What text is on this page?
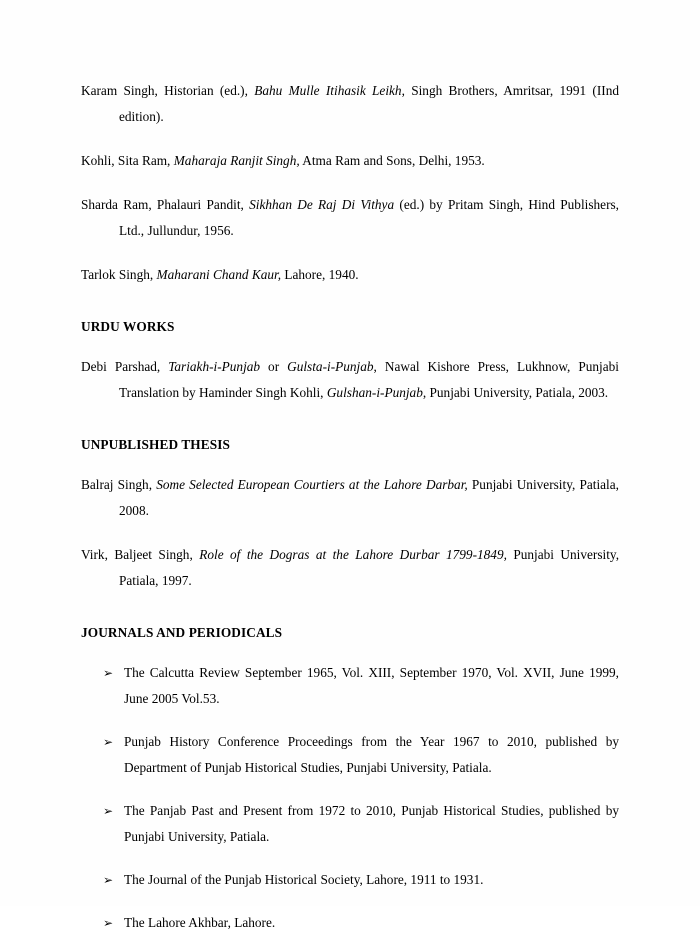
Karam Singh, Historian (ed.), Bahu Mulle Itihasik Leikh, Singh Brothers, Amritsar, 1991 (IInd edition).

Kohli, Sita Ram, Maharaja Ranjit Singh, Atma Ram and Sons, Delhi, 1953.

Sharda Ram, Phalauri Pandit, Sikhhan De Raj Di Vithya (ed.) by Pritam Singh, Hind Publishers, Ltd., Jullundur, 1956.

Tarlok Singh, Maharani Chand Kaur, Lahore, 1940.

URDU WORKS

Debi Parshad, Tariakh-i-Punjab or Gulsta-i-Punjab, Nawal Kishore Press, Lukhnow, Punjabi Translation by Haminder Singh Kohli, Gulshan-i-Punjab, Punjabi University, Patiala, 2003.

UNPUBLISHED THESIS

Balraj Singh, Some Selected European Courtiers at the Lahore Darbar, Punjabi University, Patiala, 2008.

Virk, Baljeet Singh, Role of the Dogras at the Lahore Durbar 1799-1849, Punjabi University, Patiala, 1997.

JOURNALS AND PERIODICALS
➢ The Calcutta Review September 1965, Vol. XIII, September 1970, Vol. XVII, June 1999, June 2005 Vol.53.
➢ Punjab History Conference Proceedings from the Year 1967 to 2010, published by Department of Punjab Historical Studies, Punjabi University, Patiala.
➢ The Panjab Past and Present from 1972 to 2010, Punjab Historical Studies, published by Punjabi University, Patiala.
➢ The Journal of the Punjab Historical Society, Lahore, 1911 to 1931.
➢ The Lahore Akhbar, Lahore.
